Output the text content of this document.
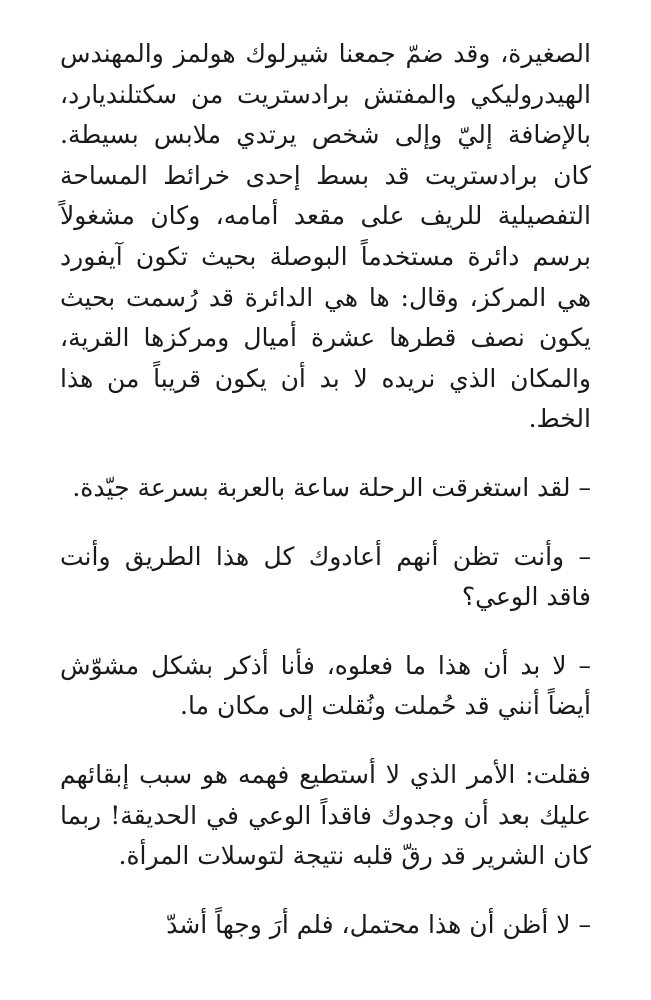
الصغيرة، وقد ضمّ جمعنا شيرلوك هولمز والمهندس الهيدروليكي والمفتش برادستريت من سكتلنديارد، بالإضافة إليّ وإلى شخص يرتدي ملابس بسيطة. كان برادستريت قد بسط إحدى خرائط المساحة التفصيلية للريف على مقعد أمامه، وكان مشغولاً برسم دائرة مستخدماً البوصلة بحيث تكون آيفورد هي المركز، وقال: ها هي الدائرة قد رُسمت بحيث يكون نصف قطرها عشرة أميال ومركزها القرية، والمكان الذي نريده لا بد أن يكون قريباً من هذا الخط.

– لقد استغرقت الرحلة ساعة بالعربة بسرعة جيّدة.

– وأنت تظن أنهم أعادوك كل هذا الطريق وأنت فاقد الوعي؟

– لا بد أن هذا ما فعلوه، فأنا أذكر بشكل مشوّش أيضاً أنني قد حُملت ونُقلت إلى مكان ما.

فقلت: الأمر الذي لا أستطيع فهمه هو سبب إبقائهم عليك بعد أن وجدوك فاقداً الوعي في الحديقة! ربما كان الشرير قد رقّ قلبه نتيجة لتوسلات المرأة.

– لا أظن أن هذا محتمل، فلم أرَ وجهاً أشدّ
